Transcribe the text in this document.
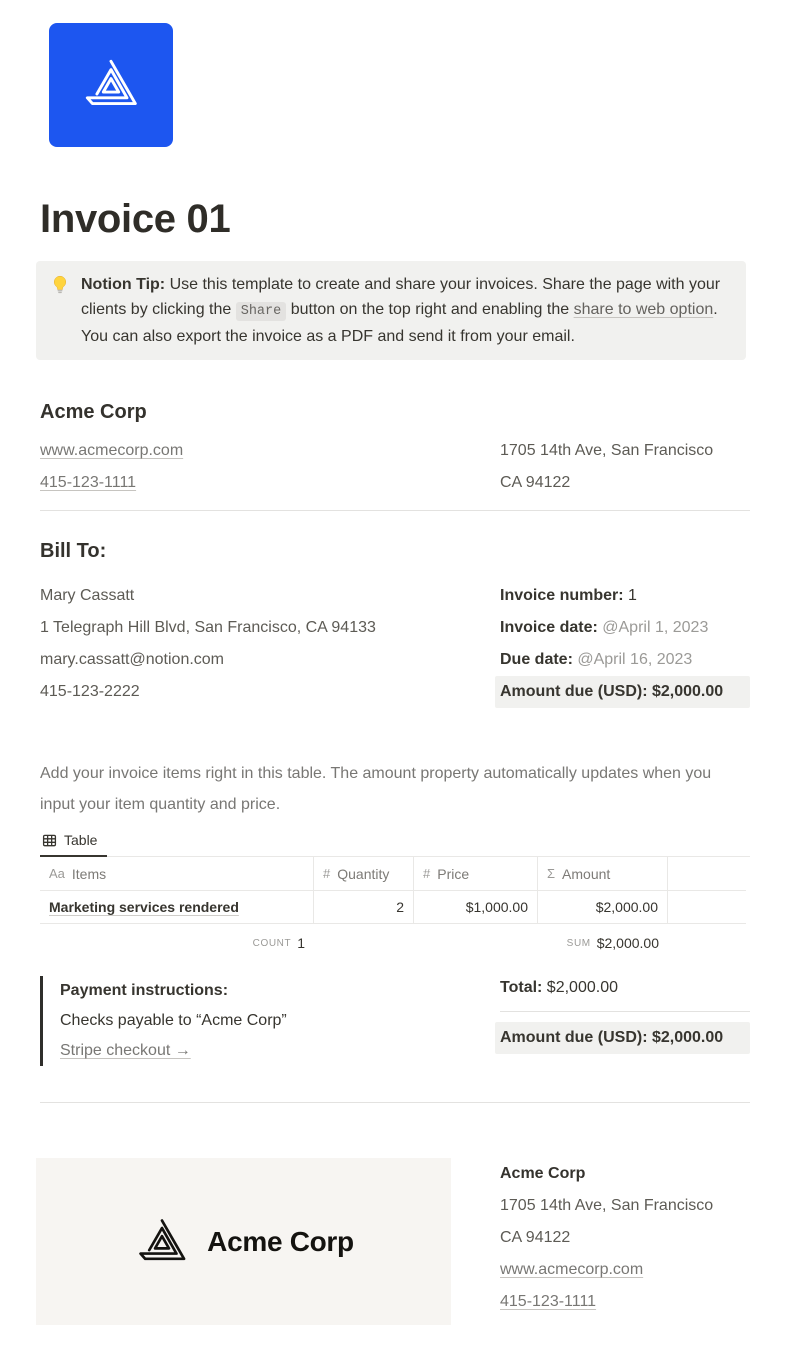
Invoice 01

Notion Tip: Use this template to create and share your invoices. Share the page with your clients by clicking the Share button on the top right and enabling the share to web option. You can also export the invoice as a PDF and send it from your email.

Acme Corp
www.acmecorp.com
415-123-1111
1705 14th Ave, San Francisco
CA 94122
Bill To:
Mary Cassatt
1 Telegraph Hill Blvd, San Francisco, CA 94133
mary.cassatt@notion.com
415-123-2222
Invoice number: 1
Invoice date: @April 1, 2023
Due date: @April 16, 2023
Amount due (USD): $2,000.00

Add your invoice items right in this table. The amount property automatically updates when you input your item quantity and price.

Table
Aa Items	# Quantity	# Price	Σ Amount
Marketing services rendered	2	$1,000.00	$2,000.00
COUNT 1	SUM $2,000.00
Payment instructions:
Checks payable to “Acme Corp”
Stripe checkout →
Total: $2,000.00
Amount due (USD): $2,000.00
Acme Corp
Acme Corp
1705 14th Ave, San Francisco
CA 94122
www.acmecorp.com
415-123-1111
